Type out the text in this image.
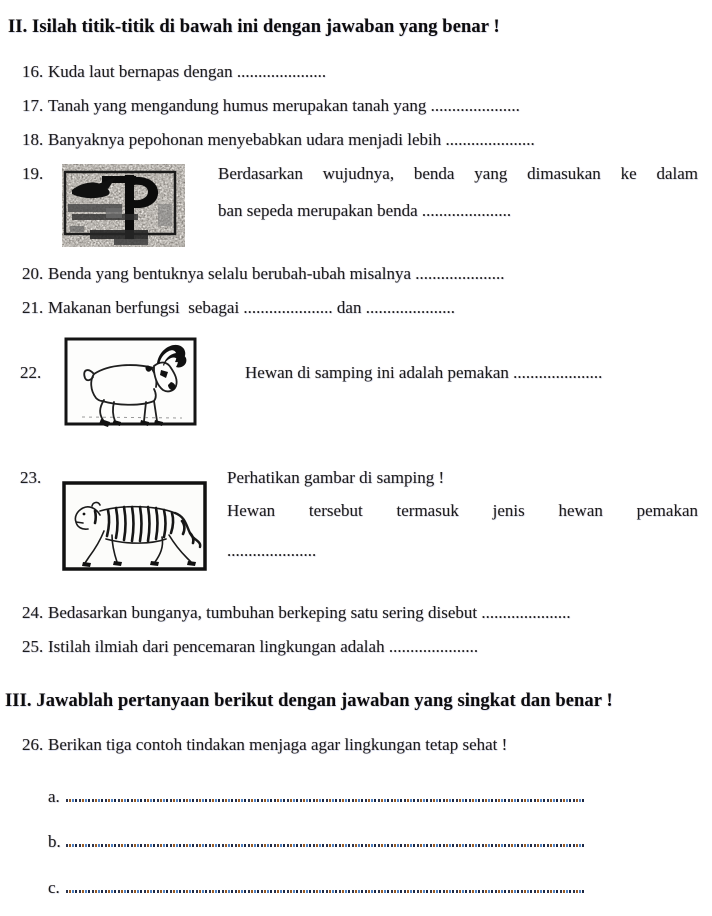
II. Isilah titik-titik di bawah ini dengan jawaban yang benar !
16. Kuda laut bernapas dengan .....................
17. Tanah yang mengandung humus merupakan tanah yang .....................
18. Banyaknya pepohonan menyebabkan udara menjadi lebih .....................
19.	Berdasarkan wujudnya, benda yang dimasukan ke dalam
ban sepeda merupakan benda .....................
20. Benda yang bentuknya selalu berubah-ubah misalnya .....................
21. Makanan berfungsi  sebagai ..................... dan .....................
22.	Hewan di samping ini adalah pemakan .....................
23.	Perhatikan gambar di samping !
Hewan tersebut termasuk jenis hewan pemakan
.....................
24. Bedasarkan bunganya, tumbuhan berkeping satu sering disebut .....................
25. Istilah ilmiah dari pencemaran lingkungan adalah .....................
III. Jawablah pertanyaan berikut dengan jawaban yang singkat dan benar !
26. Berikan tiga contoh tindakan menjaga agar lingkungan tetap sehat !
a.
b.
c.
